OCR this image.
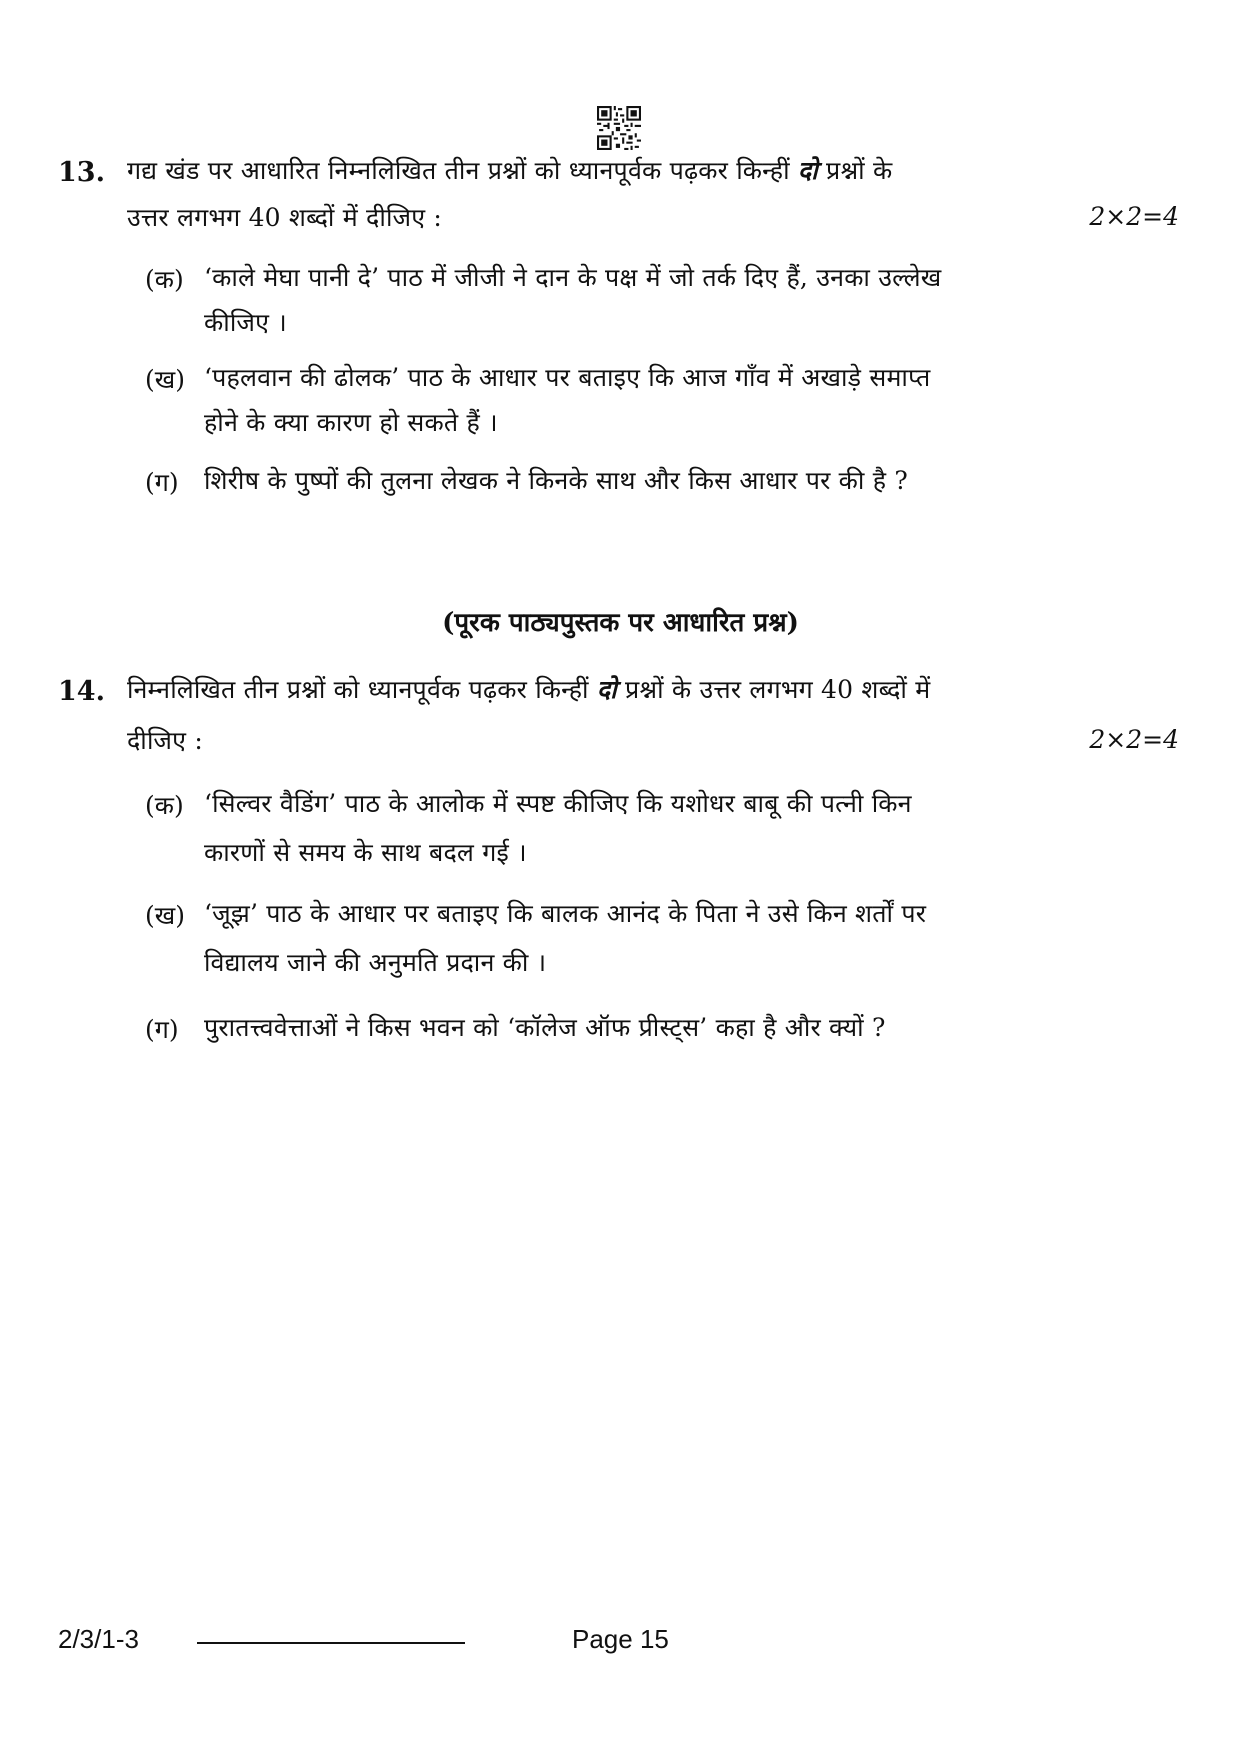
13. गद्य खंड पर आधारित निम्नलिखित तीन प्रश्नों को ध्यानपूर्वक पढ़कर किन्हीं दो प्रश्नों के
उत्तर लगभग 40 शब्दों में दीजिए :	2×2=4
(क) ‘काले मेघा पानी दे’ पाठ में जीजी ने दान के पक्ष में जो तर्क दिए हैं, उनका उल्लेख
कीजिए ।
(ख) ‘पहलवान की ढोलक’ पाठ के आधार पर बताइए कि आज गाँव में अखाड़े समाप्त
होने के क्या कारण हो सकते हैं ।
(ग) शिरीष के पुष्पों की तुलना लेखक ने किनके साथ और किस आधार पर की है ?
(पूरक पाठ्यपुस्तक पर आधारित प्रश्न)
14. निम्नलिखित तीन प्रश्नों को ध्यानपूर्वक पढ़कर किन्हीं दो प्रश्नों के उत्तर लगभग 40 शब्दों में
दीजिए :	2×2=4
(क) ‘सिल्वर वैडिंग’ पाठ के आलोक में स्पष्ट कीजिए कि यशोधर बाबू की पत्नी किन
कारणों से समय के साथ बदल गई ।
(ख) ‘जूझ’ पाठ के आधार पर बताइए कि बालक आनंद के पिता ने उसे किन शर्तों पर
विद्यालय जाने की अनुमति प्रदान की ।
(ग) पुरातत्त्ववेत्ताओं ने किस भवन को ‘कॉलेज ऑफ प्रीस्ट्स’ कहा है और क्यों ?
2/3/1-3	Page 15
